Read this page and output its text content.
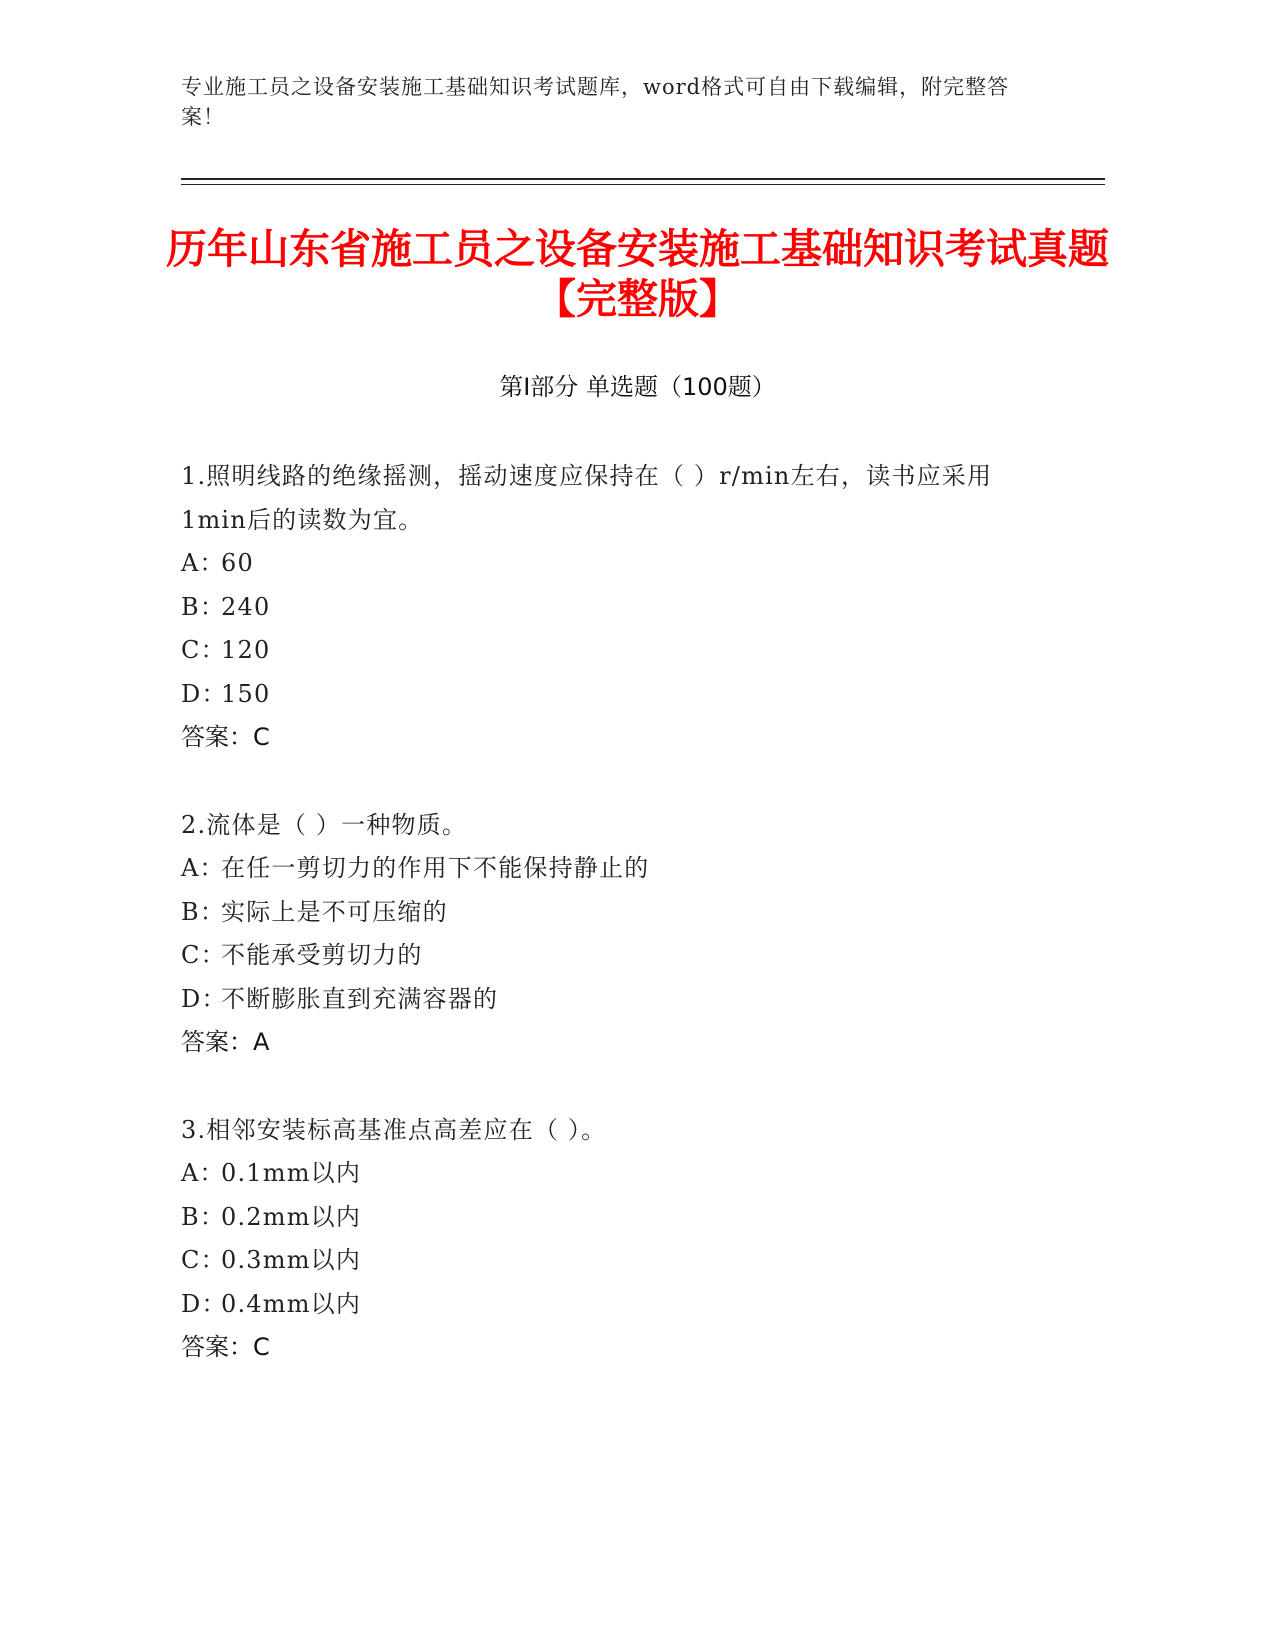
专业施工员之设备安装施工基础知识考试题库，word格式可自由下载编辑，附完整答案！
历年山东省施工员之设备安装施工基础知识考试真题【完整版】
第Ⅰ部分 单选题（100题）
1.照明线路的绝缘摇测，摇动速度应保持在（ ）r/min左右，读书应采用1min后的读数为宜。
A：60
B：240
C：120
D：150
答案：C
2.流体是（ ）一种物质。
A：在任一剪切力的作用下不能保持静止的
B：实际上是不可压缩的
C：不能承受剪切力的
D：不断膨胀直到充满容器的
答案：A
3.相邻安装标高基准点高差应在（ ）。
A：0.1mm以内
B：0.2mm以内
C：0.3mm以内
D：0.4mm以内
答案：C
